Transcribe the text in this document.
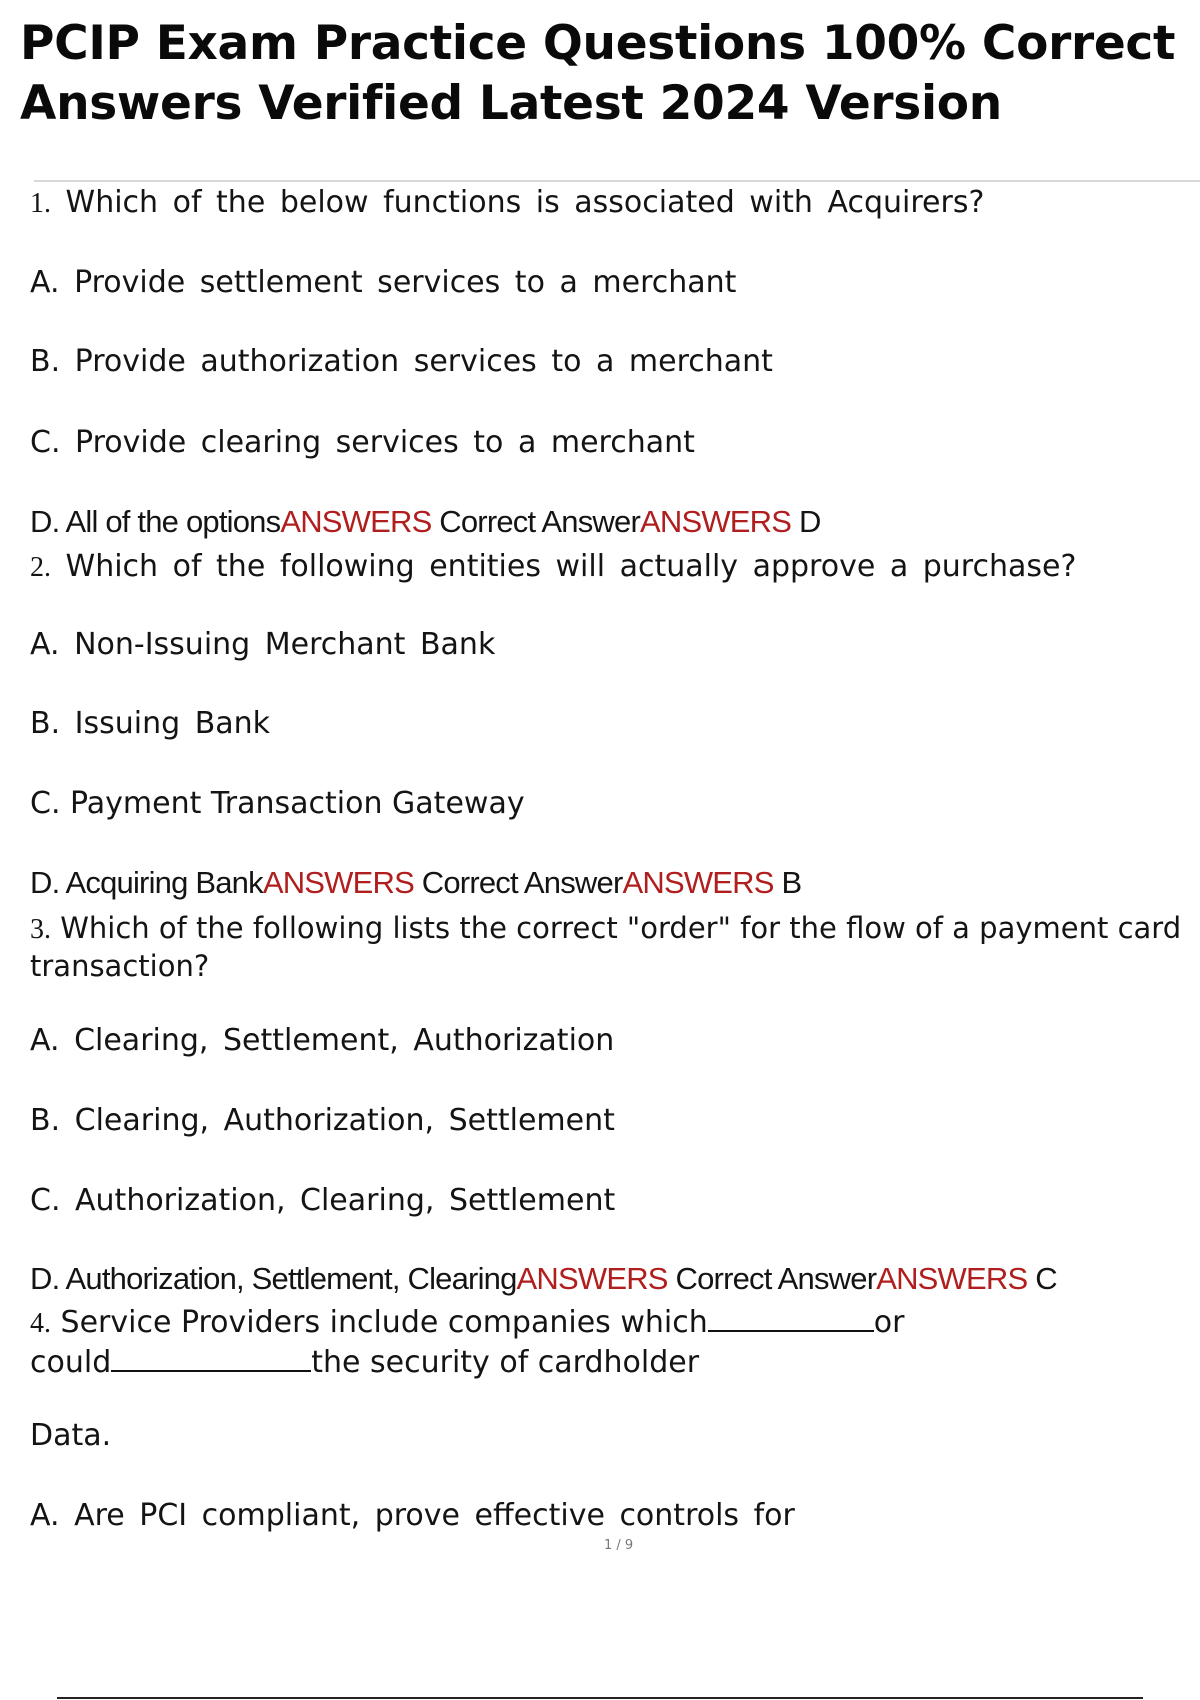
PCIP Exam Practice Questions 100% Correct
Answers Verified Latest 2024 Version

1. Which of the below functions is associated with Acquirers?

A. Provide settlement services to a merchant

B. Provide authorization services to a merchant

C. Provide clearing services to a merchant

D. All of the optionsANSWERS Correct AnswerANSWERS D

2. Which of the following entities will actually approve a purchase?

A. Non-Issuing Merchant Bank

B. Issuing Bank

C. Payment Transaction Gateway

D. Acquiring BankANSWERS Correct AnswerANSWERS B

3. Which of the following lists the correct "order" for the flow of a payment card

transaction?

A. Clearing, Settlement, Authorization

B. Clearing, Authorization, Settlement

C. Authorization, Clearing, Settlement

D. Authorization, Settlement, ClearingANSWERS Correct AnswerANSWERS C

4. Service Providers include companies which	or

could	the security of cardholder

Data.

A. Are PCI compliant, prove effective controls for

1 / 9
